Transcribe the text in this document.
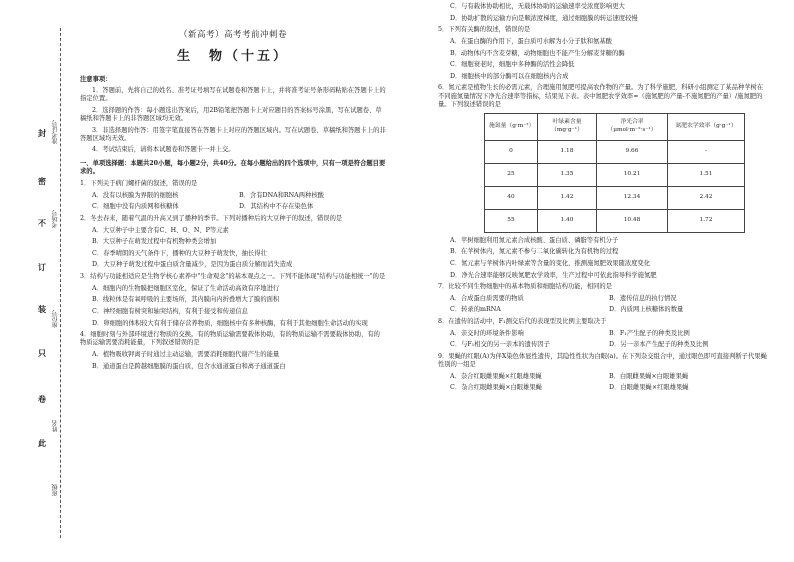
封
密
不
订
装
只
卷
此
准考证号
考场号
座位号
姓名
班级
（新高考）高考考前冲刺卷
生　物（十五）
注意事项：
1．答题前，先将自己的姓名、准考证号填写在试题卷和答题卡上，并将准考证号条形码粘贴在答题卡上的指定位置。
2．选择题的作答：每小题选出答案后，用2B铅笔把答题卡上对应题目的答案标号涂黑，写在试题卷、草稿纸和答题卡上的非答题区域均无效。
3．非选择题的作答：用签字笔直接答在答题卡上对应的答题区域内。写在试题卷、草稿纸和答题卡上的非答题区域均无效。
4．考试结束后，请将本试题卷和答题卡一并上交。
一、单项选择题：本题共20小题，每小题2分，共40分。在每小题给出的四个选项中，只有一项是符合题目要求的。
1．下列关于病门螺杆菌的叙述，错误的是
A．没有以核膜为界限的细胞核	B．含有DNA和RNA两种核酸
C．细胞中没有内质网和核糖体	D．其结构中不存在染色体
2．冬去春来，随着气温的升高又到了播种的季节。下列对播种后的大豆种子的叙述，错误的是
A．大豆种子中主要含有C、H、O、N、P等元素
B．大豆种子在萌发过程中有机物种类会增加
C．春季晴朗的天气条件下，播种的大豆种子萌发快，抽长得壮
D．大豆种子萌发过程中蛋白质含量减少，是因为蛋白质分解而消失造成
3．结构与功能相适应是生物学核心素养中"生命观念"的基本观点之一。下列不能体现"结构与功能相统一"的是
A．细胞内的生物膜把细胞区室化，保证了生命活动高效有序地进行
B．线粒体是有氧呼吸的主要场所，其内膜向内折叠增大了膜的面积
C．神经细胞有树突和轴突结构，有利于接受和传递信息
D．卵细胞的体积较大有利于储存营养物质，细胞核中有多种核酶，有利于其他细胞生命活动的实现
4．细胞时刻与外部环境进行物质的交换。有的物质运输需要载体协助，有的物质运输不需要载体协助，有的物质运输需要消耗能量，下列叙述错误的是
A．植物吸收钾离子时通过主动运输，需要消耗细胞代谢产生的能量
B．通道蛋白是跨越细胞膜的蛋白质，包含水通道蛋白和离子通道蛋白
C．与有载体协助相比，无载体协助的运输速率受浓度影响更大
D．协助扩散的运输方向是顺浓度梯度，通过细胞膜的转运速度较慢
5．下列有关酶的叙述，错误的是
A．在蛋白酶的作用下，蛋白质可水解为小分子肽和氨基酸
B．动物体内不含麦芽糖，动物细胞也不能产生分解麦芽糖的酶
C．细胞衰老时，细胞中多种酶的活性会降低
D．细胞核中的部分酶可以在细胞核内合成
6．氮元素是植物生长的必需元素，合理施用氮肥可提高农作物的产量。为了科学施肥，科研小组测定了某品种苹树在不同施氮量情况下净光合速率等指标，结果见下表。表中氮肥农学效率=（施氮肥的产量-不施氮肥的产量）/施氮肥的量。下列叙述错误的是
施氮量（g·m⁻²）	叶绿素含量（mg·g⁻¹）	净光合率（μmol·m⁻²·s⁻¹）	氮肥农学效率（g·g⁻¹）
0	1.18	9.66	-
25	1.35	10.21	1.51
40	1.42	12.34	2.42
55	1.40	10.48	1.72
A．苹树细胞利用氮元素合成核酸、蛋白质、磷脂等有机分子
B．在苹树体内，氮元素不参与二氧化碳转化为有机物的过程
C．氮元素与苹树体内叶绿素等含量的变化，推测施氮肥效果随浓度变化
D．净光合速率能够反映氮肥农学效率，生产过程中可依此指导科学施氮肥
7．比较不同生物细胞中的基本物质和细胞结构功能，相同的是
A．合成蛋白质需要的物质	B．遗传信息的执行情况
C．转录的mRNA	D．内质网上核糖体的数量
8．在遗传的活动中，F₁测交后代的表现型及比例主要取决于
A．亲交时的环境条件影响	B．F₁产生配子的种类及比例
C．与F₁相交的另一亲本的遗传因子	D．另一亲本产生配子的种类及比例
9．果蝇的红眼(A)为伴X染色体显性遗传，其隐性性状为白眼(a)。在下列杂交组合中，通过眼色即可直接判断子代果蝇性别的一组是
A．杂合红眼雌果蝇×红眼雄果蝇	B．白眼雌果蝇×白眼雄果蝇
C．杂合红眼雌果蝇×白眼雄果蝇	D．白眼雌果蝇×红眼雄果蝇
